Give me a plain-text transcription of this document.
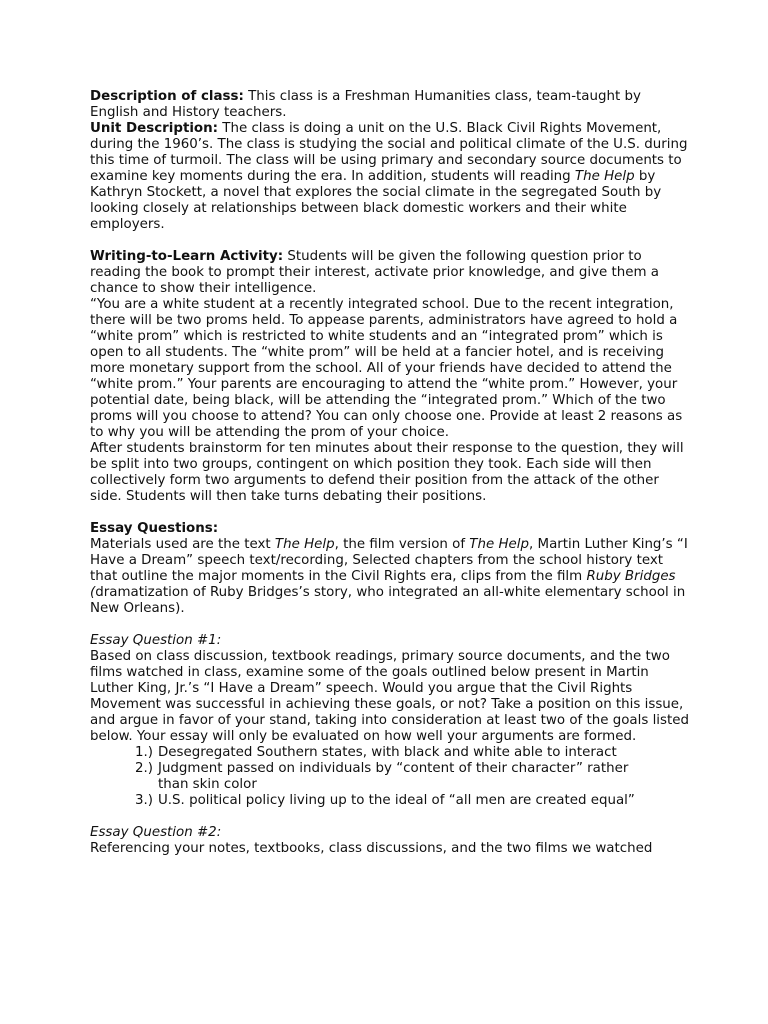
Description of class: This class is a Freshman Humanities class, team-taught by English and History teachers.

Unit Description: The class is doing a unit on the U.S. Black Civil Rights Movement, during the 1960’s. The class is studying the social and political climate of the U.S. during this time of turmoil. The class will be using primary and secondary source documents to examine key moments during the era. In addition, students will reading The Help by Kathryn Stockett, a novel that explores the social climate in the segregated South by looking closely at relationships between black domestic workers and their white employers.

Writing-to-Learn Activity: Students will be given the following question prior to reading the book to prompt their interest, activate prior knowledge, and give them a chance to show their intelligence.

“You are a white student at a recently integrated school. Due to the recent integration, there will be two proms held. To appease parents, administrators have agreed to hold a “white prom” which is restricted to white students and an “integrated prom” which is open to all students. The “white prom” will be held at a fancier hotel, and is receiving more monetary support from the school. All of your friends have decided to attend the “white prom.” Your parents are encouraging to attend the “white prom.” However, your potential date, being black, will be attending the “integrated prom.” Which of the two proms will you choose to attend? You can only choose one. Provide at least 2 reasons as to why you will be attending the prom of your choice.

After students brainstorm for ten minutes about their response to the question, they will be split into two groups, contingent on which position they took. Each side will then collectively form two arguments to defend their position from the attack of the other side. Students will then take turns debating their positions.

Essay Questions:

Materials used are the text The Help, the film version of The Help, Martin Luther King’s “I Have a Dream” speech text/recording, Selected chapters from the school history text that outline the major moments in the Civil Rights era, clips from the film Ruby Bridges (dramatization of Ruby Bridges’s story, who integrated an all-white elementary school in New Orleans).

Essay Question #1:

Based on class discussion, textbook readings, primary source documents, and the two films watched in class, examine some of the goals outlined below present in Martin Luther King, Jr.’s “I Have a Dream” speech. Would you argue that the Civil Rights Movement was successful in achieving these goals, or not? Take a position on this issue, and argue in favor of your stand, taking into consideration at least two of the goals listed below. Your essay will only be evaluated on how well your arguments are formed.

1.) Desegregated Southern states, with black and white able to interact
2.) Judgment passed on individuals by “content of their character” rather
than skin color
3.) U.S. political policy living up to the ideal of “all men are created equal”

Essay Question #2:

Referencing your notes, textbooks, class discussions, and the two films we watched
